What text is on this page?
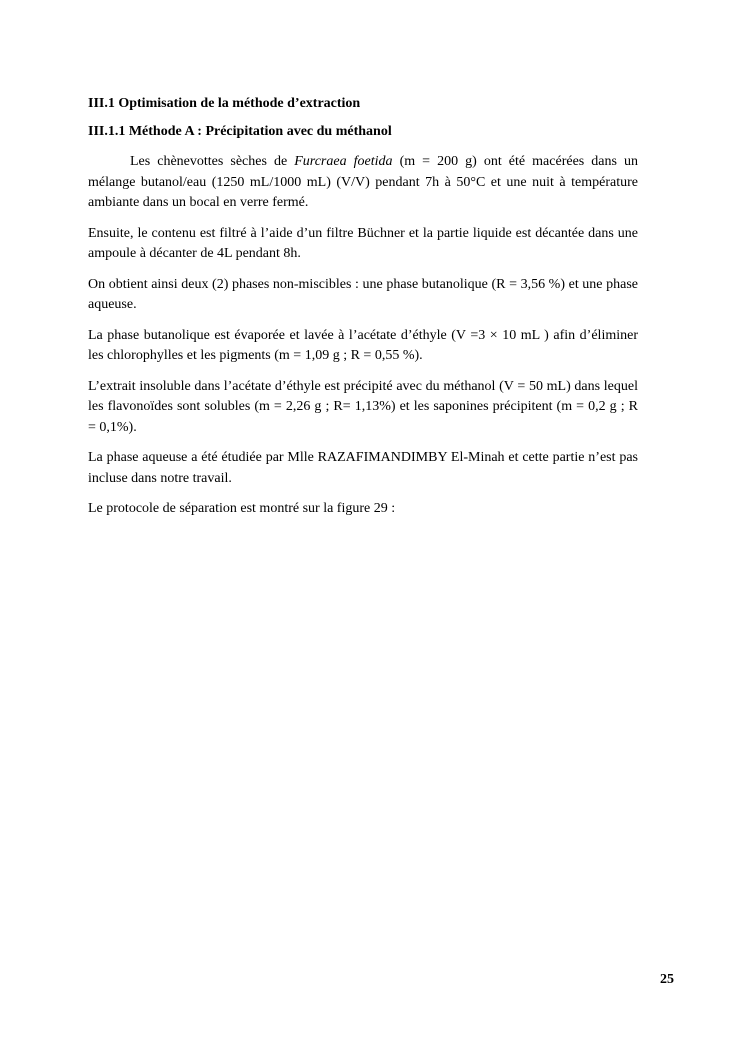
III.1 Optimisation de la méthode d’extraction

III.1.1 Méthode A : Précipitation avec du méthanol

Les chènevottes sèches de Furcraea foetida (m = 200 g) ont été macérées dans un mélange butanol/eau (1250 mL/1000 mL) (V/V) pendant 7h à 50°C et une nuit à température ambiante dans un bocal en verre fermé.

Ensuite, le contenu est filtré à l’aide d’un filtre Büchner et la partie liquide est décantée dans une ampoule à décanter de 4L pendant 8h.

On obtient ainsi deux (2) phases non-miscibles : une phase butanolique (R = 3,56 %) et une phase aqueuse.

La phase butanolique est évaporée et lavée à l’acétate d’éthyle (V =3 × 10 mL ) afin d’éliminer les chlorophylles et les pigments (m = 1,09 g ; R = 0,55 %).

L’extrait insoluble dans l’acétate d’éthyle est précipité avec du méthanol (V = 50 mL) dans lequel les flavonoïdes sont solubles (m = 2,26 g ; R= 1,13%) et les saponines précipitent (m = 0,2 g ; R = 0,1%).

La phase aqueuse a été étudiée par Mlle RAZAFIMANDIMBY El-Minah et cette partie n’est pas incluse dans notre travail.

Le protocole de séparation est montré sur la figure 29 :

25
